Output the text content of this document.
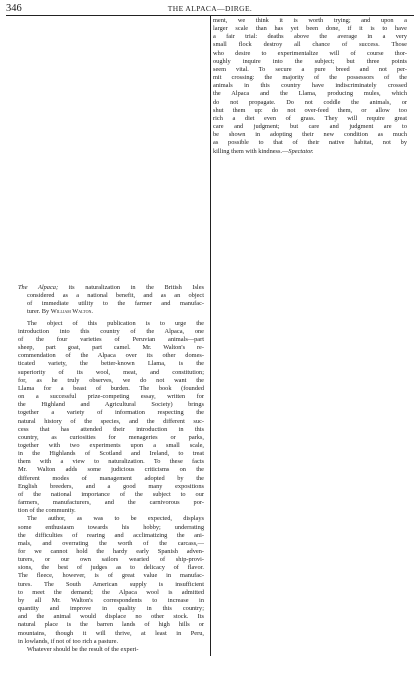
346	THE ALPACA—DIRGE.
ment, we think it is worth trying; and upon a
larger scale than has yet been done, if it is to have
a fair trial: deaths above the average in a very
small flock destroy all chance of success. Those
who desire to experimentalize will of course thor-
oughly inquire into the subject; but three points
seem vital. To secure a pure breed and not per-
mit crossing: the majority of the possessors of the
animals in this country have indiscriminately crossed
the Alpaca and the Llama, producing mules, which
do not propagate. Do not coddle the animals, or
shut them up: do not over-feed them, or allow too
rich a diet even of grass. They will require great
care and judgment; but care and judgment are to
be shown in adopting their new condition as much
as possible to that of their native habitat, not by
killing them with kindness.—Spectator.
The Alpaca; its naturalization in the British Isles
considered as a national benefit, and as an object
of immediate utility to the farmer and manufac-
turer. By William Walton.

The object of this publication is to urge the
introduction into this country of the Alpaca, one
of the four varieties of Peruvian animals—part
sheep, part goat, part camel. Mr. Walton's re-
commendation of the Alpaca over its other domes-
ticated variety, the better-known Llama, is the
superiority of its wool, meat, and constitution;
for, as he truly observes, we do not want the
Llama for a beast of burden. The book (founded
on a successful prize-competing essay, written for
the Highland and Agricultural Society) brings
together a variety of information respecting the
natural history of the species, and the different suc-
cess that has attended their introduction in this
country, as curiosities for menageries or parks,
together with two experiments upon a small scale,
in the Highlands of Scotland and Ireland, to treat
them with a view to naturalization. To these facts
Mr. Walton adds some judicious criticisms on the
different modes of management adopted by the
English breeders, and a good many expositions
of the national importance of the subject to our
farmers, manufacturers, and the carnivorous por-
tion of the community.

The author, as was to be expected, displays
some enthusiasm towards his hobby; underrating
the difficulties of rearing and acclimatizing the ani-
mals, and overrating the worth of the carcass,—
for we cannot hold the hardy early Spanish adven-
turers, or our own sailors wearied of ship-provi-
sions, the best of judges as to delicacy of flavor.
The fleece, however, is of great value in manufac-
tures. The South American supply is insufficient
to meet the demand; the Alpaca wool is admitted
by all Mr. Walton's correspondents to increase in
quantity and improve in quality in this country;
and the animal would displace no other stock. Its
natural place is the barren lands of high hills or
mountains, though it will thrive, at least in Peru,
in lowlands, if not of too rich a pasture.

Whatever should be the result of the experi-
